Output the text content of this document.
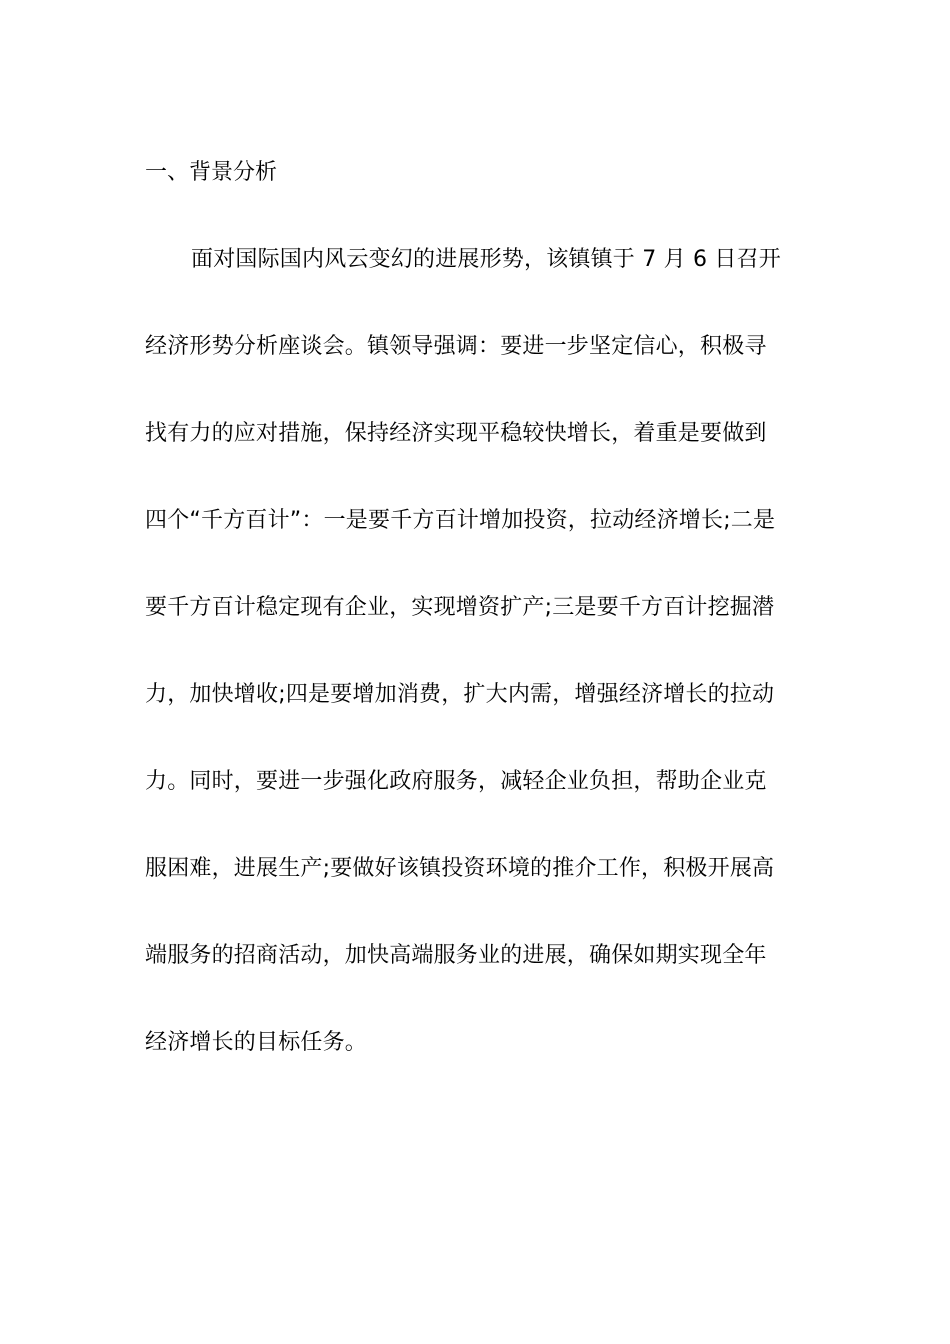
一、背景分析
面对国际国内风云变幻的进展形势，该镇镇于 7 月 6 日召开
经济形势分析座谈会。镇领导强调：要进一步坚定信心，积极寻
找有力的应对措施，保持经济实现平稳较快增长，着重是要做到
四个“千方百计”：一是要千方百计增加投资，拉动经济增长;二是
要千方百计稳定现有企业，实现增资扩产;三是要千方百计挖掘潜
力，加快增收;四是要增加消费，扩大内需，增强经济增长的拉动
力。同时，要进一步强化政府服务，减轻企业负担，帮助企业克
服困难，进展生产;要做好该镇投资环境的推介工作，积极开展高
端服务的招商活动，加快高端服务业的进展，确保如期实现全年
经济增长的目标任务。
